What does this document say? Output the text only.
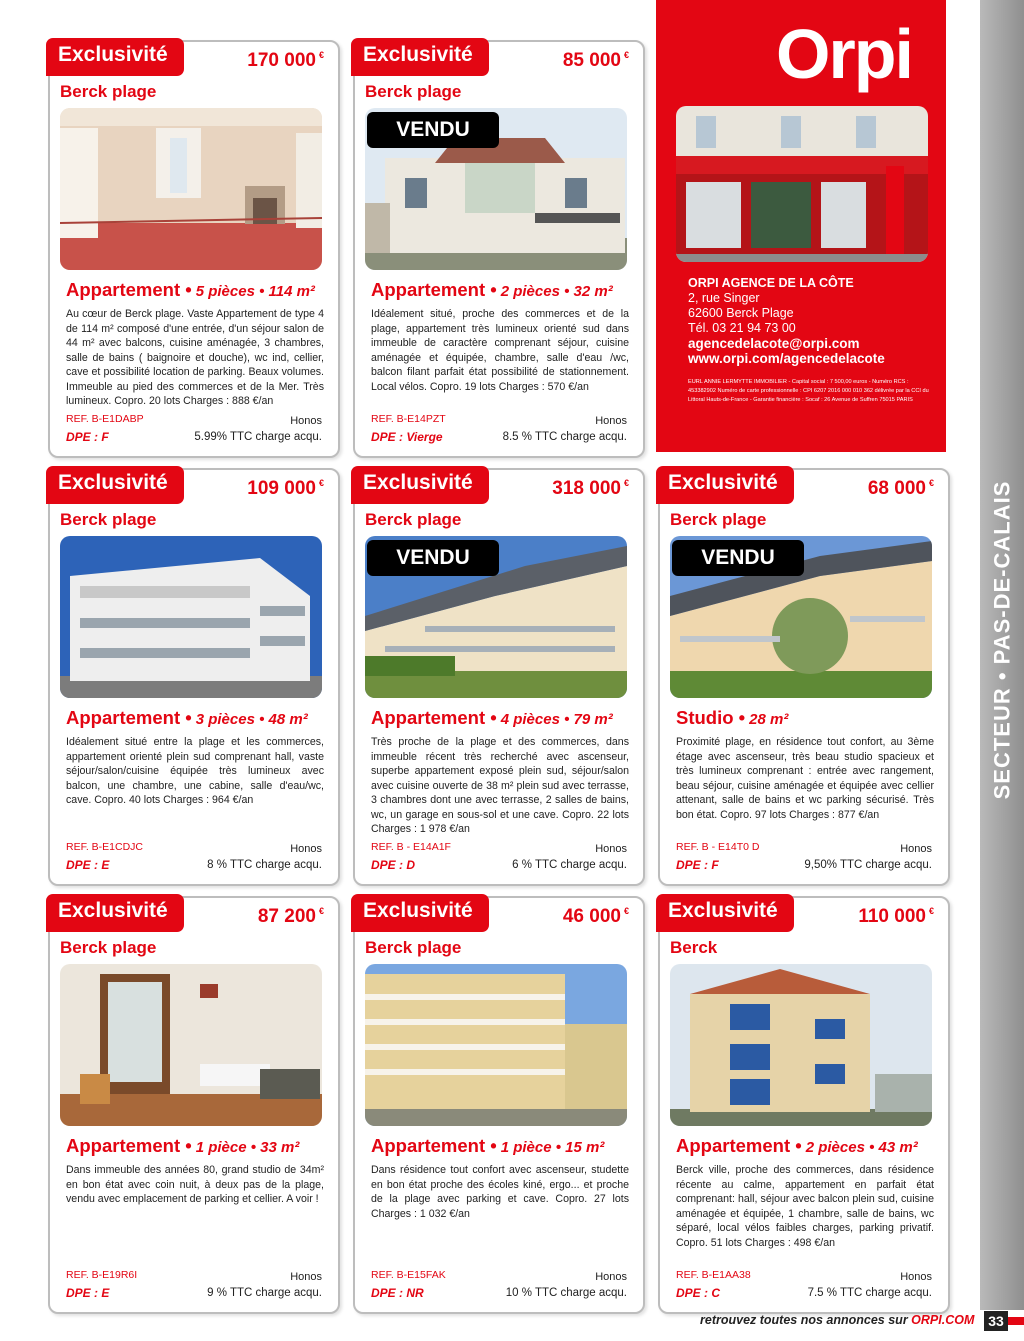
SECTEUR • PAS-DE-CALAIS
Exclusivité	170 000 €
Berck plage
Appartement • 5 pièces • 114 m²
Au cœur de Berck plage. Vaste Appartement de type 4 de 114 m² composé d'une entrée, d'un séjour salon de 44 m² avec balcons, cuisine aménagée, 3 chambres, salle de bains ( baignoire et douche), wc ind, cellier, cave et possibilité location de parking. Beaux volumes. Immeuble au pied des commerces et de la Mer. Très lumineux. Copro. 20 lots Charges : 888 €/an
REF. B-E1DABP	Honos
DPE : F	5.99% TTC charge acqu.
Exclusivité	85 000 €
Berck plage
VENDU
Appartement • 2 pièces • 32 m²
Idéalement situé, proche des commerces et de la plage, appartement très lumineux orienté sud dans immeuble de caractère comprenant séjour, cuisine aménagée et équipée, chambre, salle d'eau /wc, balcon filant parfait état possibilité de stationnement. Local vélos. Copro. 19 lots Charges : 570 €/an
REF. B-E14PZT	Honos
DPE : Vierge	8.5 % TTC charge acqu.
Orpi
ORPI AGENCE DE LA CÔTE
2, rue Singer
62600 Berck Plage
Tél. 03 21 94 73 00
agencedelacote@orpi.com
www.orpi.com/agencedelacote
EURL ANNIE LERMYTTE IMMOBILIER - Capital social : 7 500,00 euros - Numéro RCS : 453382902 Numéro de carte professionnelle : CPI 6207 2016 000 010 362 délivrée par la CCI du Littoral Hauts-de-France - Garantie financière : Socaf : 26 Avenue de Suffren 75015 PARIS
Exclusivité	109 000 €
Berck plage
Appartement • 3 pièces • 48 m²
Idéalement situé entre la plage et les commerces, appartement orienté plein sud comprenant hall, vaste séjour/salon/cuisine équipée très lumineux avec balcon, une chambre, une cabine, salle d'eau/wc, cave. Copro. 40 lots Charges : 964 €/an
REF. B-E1CDJC	Honos
DPE : E	8 % TTC charge acqu.
Exclusivité	318 000 €
Berck plage
VENDU
Appartement • 4 pièces • 79 m²
Très proche de la plage et des commerces, dans immeuble récent très recherché avec ascenseur, superbe appartement exposé plein sud, séjour/salon avec cuisine ouverte de 38 m² plein sud avec terrasse, 3 chambres dont une avec terrasse, 2 salles de bains, wc, un garage en sous-sol et une cave. Copro. 22 lots Charges : 1 978 €/an
REF. B - E14A1F	Honos
DPE : D	6 % TTC charge acqu.
Exclusivité	68 000 €
Berck plage
VENDU
Studio • 28 m²
Proximité plage, en résidence tout confort, au 3ème étage avec ascenseur, très beau studio spacieux et très lumineux comprenant : entrée avec rangement, beau séjour, cuisine aménagée et équipée avec cellier attenant, salle de bains et wc parking sécurisé. Très bon état. Copro. 97 lots Charges : 877 €/an
REF. B - E14T0 D	Honos
DPE : F	9,50% TTC charge acqu.
Exclusivité	87 200 €
Berck plage
Appartement • 1 pièce • 33 m²
Dans immeuble des années 80, grand studio de 34m² en bon état avec coin nuit, à deux pas de la plage, vendu avec emplacement de parking et cellier. A voir !
REF. B-E19R6I	Honos
DPE : E	9 % TTC charge acqu.
Exclusivité	46 000 €
Berck plage
Appartement • 1 pièce • 15 m²
Dans résidence tout confort avec ascenseur, studette en bon état proche des écoles kiné, ergo... et proche de la plage avec parking et cave. Copro. 27 lots Charges : 1 032 €/an
REF. B-E15FAK	Honos
DPE : NR	10 % TTC charge acqu.
Exclusivité	110 000 €
Berck
Appartement • 2 pièces • 43 m²
Berck ville, proche des commerces, dans résidence récente au calme, appartement en parfait état comprenant: hall, séjour avec balcon plein sud, cuisine aménagée et équipée, 1 chambre, salle de bains, wc séparé, local vélos faibles charges, parking privatif. Copro. 51 lots Charges : 498 €/an
REF. B-E1AA38	Honos
DPE : C	7.5 % TTC charge acqu.
retrouvez toutes nos annonces sur ORPI.COM 33
